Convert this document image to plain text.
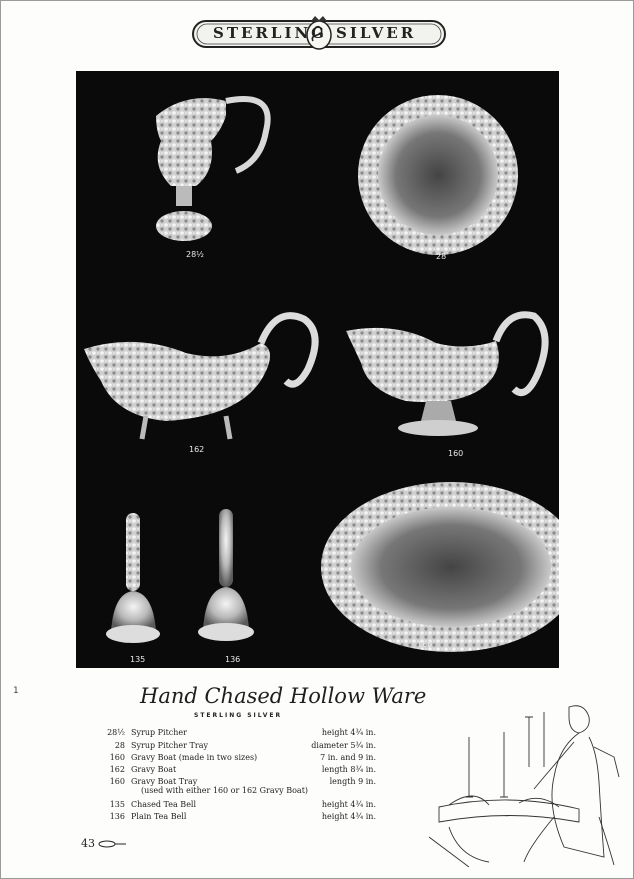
STERLING SILVER
28½	28
162	160
135	136
160
1	Hand Chased Hollow Ware
STERLING SILVER
28½ Syrup Pitcher	height 4¾ in.
28 Syrup Pitcher Tray	diameter 5¾ in.
160 Gravy Boat (made in two sizes)	7 in. and 9 in.
162 Gravy Boat	length 8¾ in.
160 Gravy Boat Tray	length 9 in.
(used with either 160 or 162 Gravy Boat)
135 Chased Tea Bell	height 4¾ in.
136 Plain Tea Bell	height 4¾ in.
43
